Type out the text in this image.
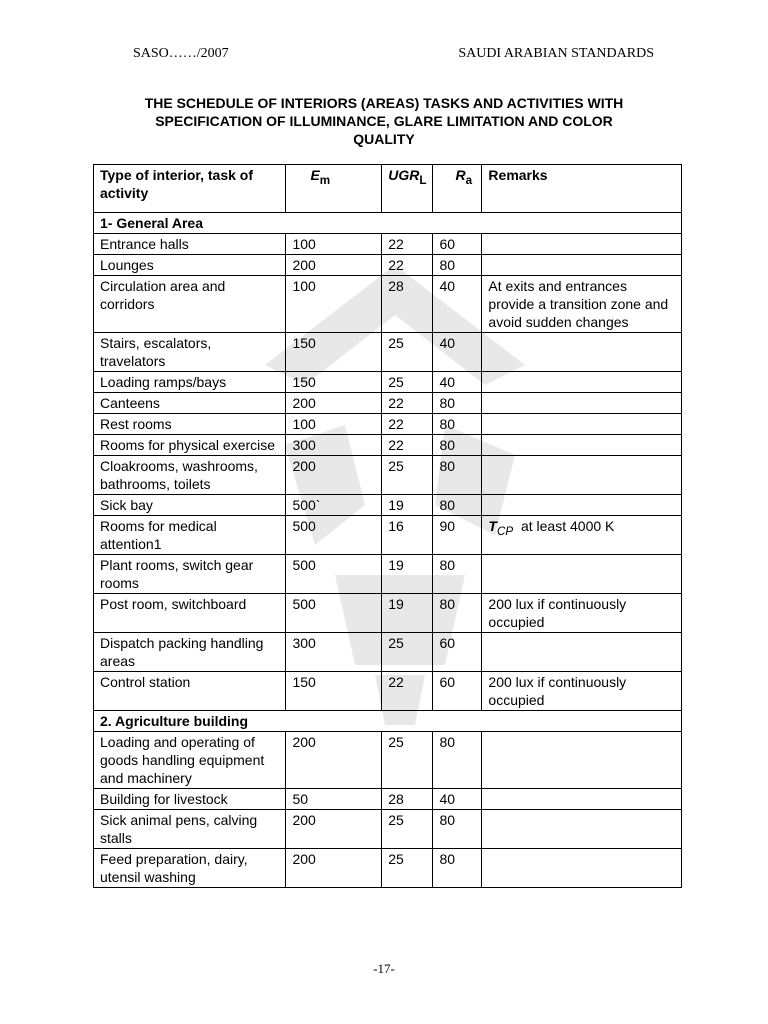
SASO……/2007	SAUDI ARABIAN STANDARDS
THE SCHEDULE OF INTERIORS (AREAS) TASKS AND ACTIVITIES WITH
SPECIFICATION OF ILLUMINANCE, GLARE LIMITATION AND COLOR
QUALITY
Type of interior, task of activity	$E_m$	$UGR_L$	$R_a$	Remarks
1- General Area				
Entrance halls	100	22	60	
Lounges	200	22	80	
Circulation area and corridors	100	28	40	At exits and entrances provide a transition zone and avoid sudden changes
Stairs, escalators, travelators	150	25	40	
Loading ramps/bays	150	25	40	
Canteens	200	22	80	
Rest rooms	100	22	80	
Rooms for physical exercise	300	22	80	
Cloakrooms, washrooms, bathrooms, toilets	200	25	80	
Sick bay	500`	19	80	
Rooms for medical attention1	500	16	90	$T_{CP}$  at least 4000 K
Plant rooms, switch gear rooms	500	19	80	
Post room, switchboard	500	19	80	200 lux if continuously occupied
Dispatch packing handling areas	300	25	60	
Control station	150	22	60	200 lux if continuously occupied
2. Agriculture building				
Loading and operating of goods handling equipment and machinery	200	25	80	
Building for livestock	50	28	40	
Sick animal pens, calving stalls	200	25	80	
Feed preparation, dairy, utensil washing	200	25	80	
-17-
